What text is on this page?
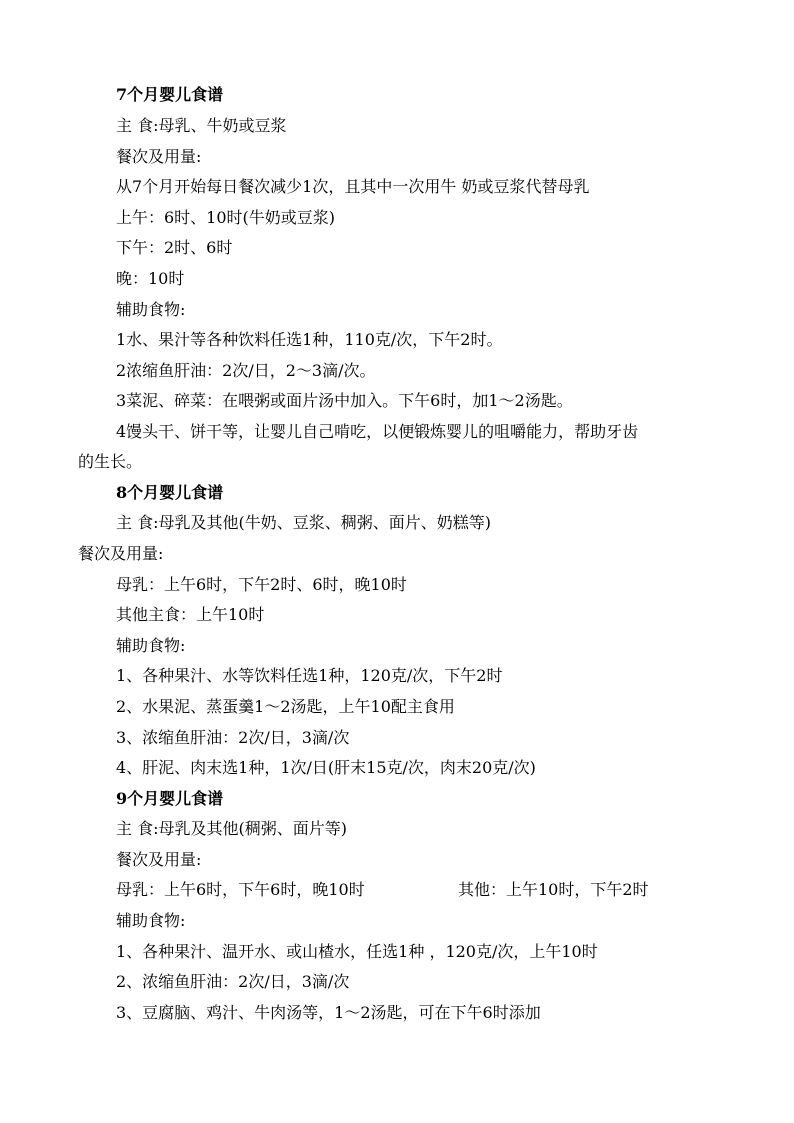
7个月婴儿食谱
主 食:母乳、牛奶或豆浆
餐次及用量:
从7个月开始每日餐次减少1次，且其中一次用牛 奶或豆浆代替母乳
上午：6时、10时(牛奶或豆浆)
下午：2时、6时
晚：10时
辅助食物:
1水、果汁等各种饮料任选1种，110克/次，下午2时。
2浓缩鱼肝油：2次/日，2～3滴/次。
3菜泥、碎菜：在喂粥或面片汤中加入。下午6时，加1～2汤匙。
4馒头干、饼干等，让婴儿自己啃吃，以便锻炼婴儿的咀嚼能力，帮助牙齿
的生长。
8个月婴儿食谱
主 食:母乳及其他(牛奶、豆浆、稠粥、面片、奶糕等)
餐次及用量:
母乳：上午6时，下午2时、6时，晚10时
其他主食：上午10时
辅助食物:
1、各种果汁、水等饮料任选1种，120克/次，下午2时
2、水果泥、蒸蛋羹1～2汤匙，上午10配主食用
3、浓缩鱼肝油：2次/日，3滴/次
4、肝泥、肉末选1种，1次/日(肝末15克/次，肉末20克/次)
9个月婴儿食谱
主 食:母乳及其他(稠粥、面片等)
餐次及用量:
母乳：上午6时，下午6时，晚10时	其他：上午10时，下午2时
辅助食物:
1、各种果汁、温开水、或山楂水，任选1种 ，120克/次，上午10时
2、浓缩鱼肝油：2次/日，3滴/次
3、豆腐脑、鸡汁、牛肉汤等，1～2汤匙，可在下午6时添加
